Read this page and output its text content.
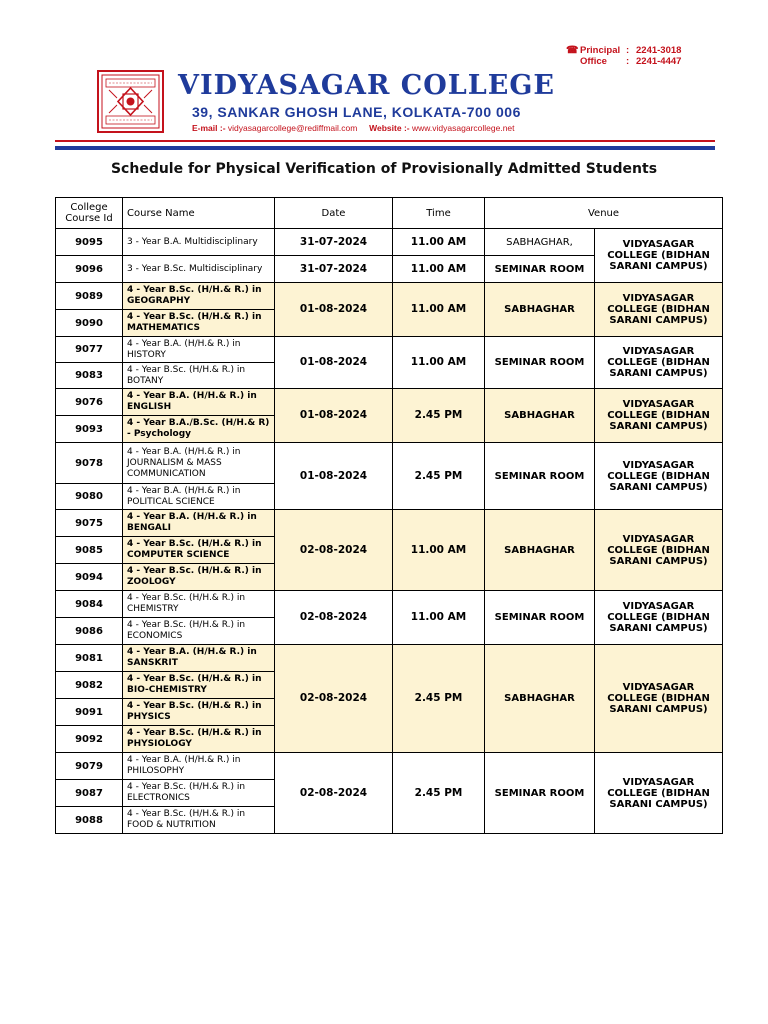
☎ Principal : 2241-3018
Office	: 2241-4447
VIDYASAGAR COLLEGE
39, SANKAR GHOSH LANE, KOLKATA-700 006
E-mail :- vidyasagarcollege@rediffmail.com Website :- www.vidyasagarcollege.net
Schedule for Physical Verification of Provisionally Admitted Students
College
Course Id	Course Name	Date	Time	Venue	
9095	3 - Year B.A. Multidisciplinary	31-07-2024	11.00 AM	SABHAGHAR,	VIDYASAGAR COLLEGE (BIDHAN SARANI CAMPUS)
9096	3 - Year B.Sc. Multidisciplinary	31-07-2024	11.00 AM	SEMINAR ROOM	
9089	4 - Year B.Sc. (H/H.& R.) in GEOGRAPHY	01-08-2024	11.00 AM	SABHAGHAR	VIDYASAGAR COLLEGE (BIDHAN SARANI CAMPUS)
9090	4 - Year B.Sc. (H/H.& R.) in MATHEMATICS				
9077	4 - Year B.A. (H/H.& R.) in HISTORY	01-08-2024	11.00 AM	SEMINAR ROOM	VIDYASAGAR COLLEGE (BIDHAN SARANI CAMPUS)
9083	4 - Year B.Sc. (H/H.& R.) in BOTANY				
9076	4 - Year B.A. (H/H.& R.) in ENGLISH	01-08-2024	2.45 PM	SABHAGHAR	VIDYASAGAR COLLEGE (BIDHAN SARANI CAMPUS)
9093	4 - Year B.A./B.Sc. (H/H.& R) - Psychology				
9078	4 - Year B.A. (H/H.& R.) in JOURNALISM & MASS COMMUNICATION	01-08-2024	2.45 PM	SEMINAR ROOM	VIDYASAGAR COLLEGE (BIDHAN SARANI CAMPUS)
9080	4 - Year B.A. (H/H.& R.) in POLITICAL SCIENCE				
9075	4 - Year B.A. (H/H.& R.) in BENGALI	02-08-2024	11.00 AM	SABHAGHAR	VIDYASAGAR COLLEGE (BIDHAN SARANI CAMPUS)
9085	4 - Year B.Sc. (H/H.& R.) in COMPUTER SCIENCE				
9094	4 - Year B.Sc. (H/H.& R.) in ZOOLOGY				
9084	4 - Year B.Sc. (H/H.& R.) in CHEMISTRY	02-08-2024	11.00 AM	SEMINAR ROOM	VIDYASAGAR COLLEGE (BIDHAN SARANI CAMPUS)
9086	4 - Year B.Sc. (H/H.& R.) in ECONOMICS				
9081	4 - Year B.A. (H/H.& R.) in SANSKRIT	02-08-2024	2.45 PM	SABHAGHAR	VIDYASAGAR COLLEGE (BIDHAN SARANI CAMPUS)
9082	4 - Year B.Sc. (H/H.& R.) in BIO-CHEMISTRY				
9091	4 - Year B.Sc. (H/H.& R.) in PHYSICS				
9092	4 - Year B.Sc. (H/H.& R.) in PHYSIOLOGY				
9079	4 - Year B.A. (H/H.& R.) in PHILOSOPHY	02-08-2024	2.45 PM	SEMINAR ROOM	VIDYASAGAR COLLEGE (BIDHAN SARANI CAMPUS)
9087	4 - Year B.Sc. (H/H.& R.) in ELECTRONICS				
9088	4 - Year B.Sc. (H/H.& R.) in FOOD & NUTRITION				
